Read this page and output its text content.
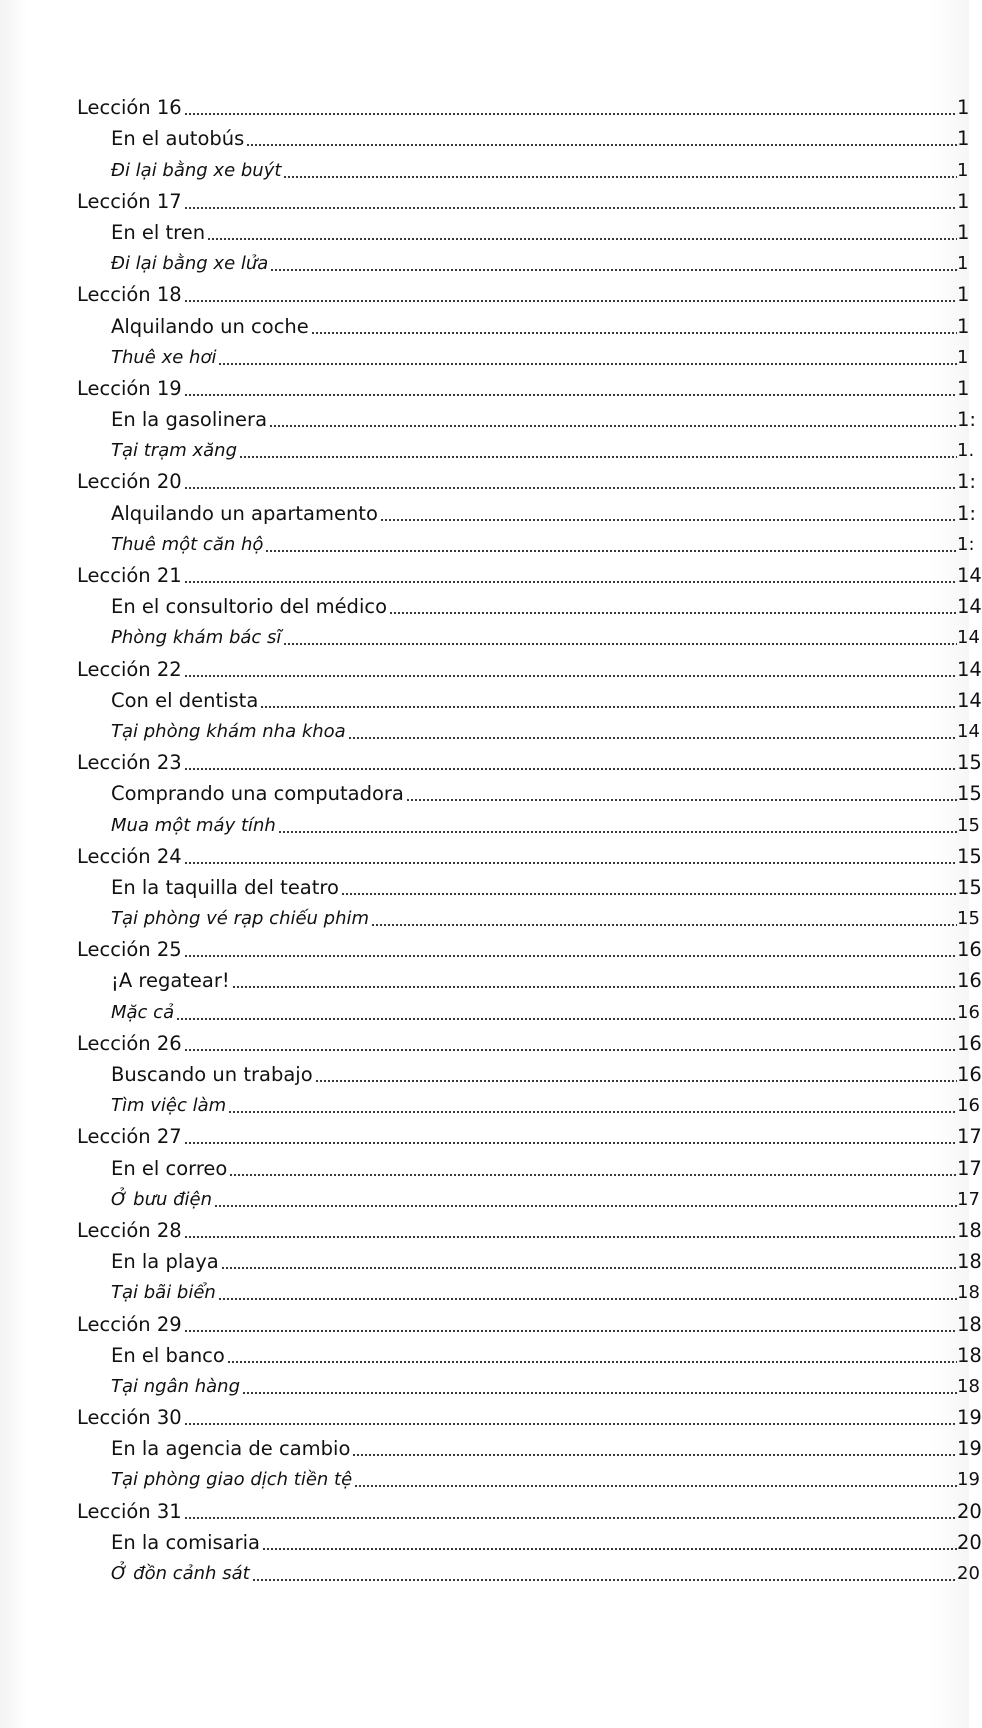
Lección 16	1
En el autobús	1
Đi lại bằng xe buýt	1
Lección 17	1
En el tren	1
Đi lại bằng xe lửa	1
Lección 18	1
Alquilando un coche	1
Thuê xe hơi	1
Lección 19	1
En la gasolinera	1:
Tại trạm xăng	1.
Lección 20	1:
Alquilando un apartamento	1:
Thuê một căn hộ	1:
Lección 21	14
En el consultorio del médico	14
Phòng khám bác sĩ	14
Lección 22	14
Con el dentista	14
Tại phòng khám nha khoa	14
Lección 23	15
Comprando una computadora	15
Mua một máy tính	15
Lección 24	15
En la taquilla del teatro	15
Tại phòng vé rạp chiếu phim	15
Lección 25	16
¡A regatear!	16
Mặc cả	16
Lección 26	16
Buscando un trabajo	16
Tìm việc làm	16
Lección 27	17
En el correo	17
Ở bưu điện	17
Lección 28	18
En la playa	18
Tại bãi biển	18
Lección 29	18
En el banco	18
Tại ngân hàng	18
Lección 30	19
En la agencia de cambio	19
Tại phòng giao dịch tiền tệ	19
Lección 31	20
En la comisaria	20
Ở đồn cảnh sát	20
